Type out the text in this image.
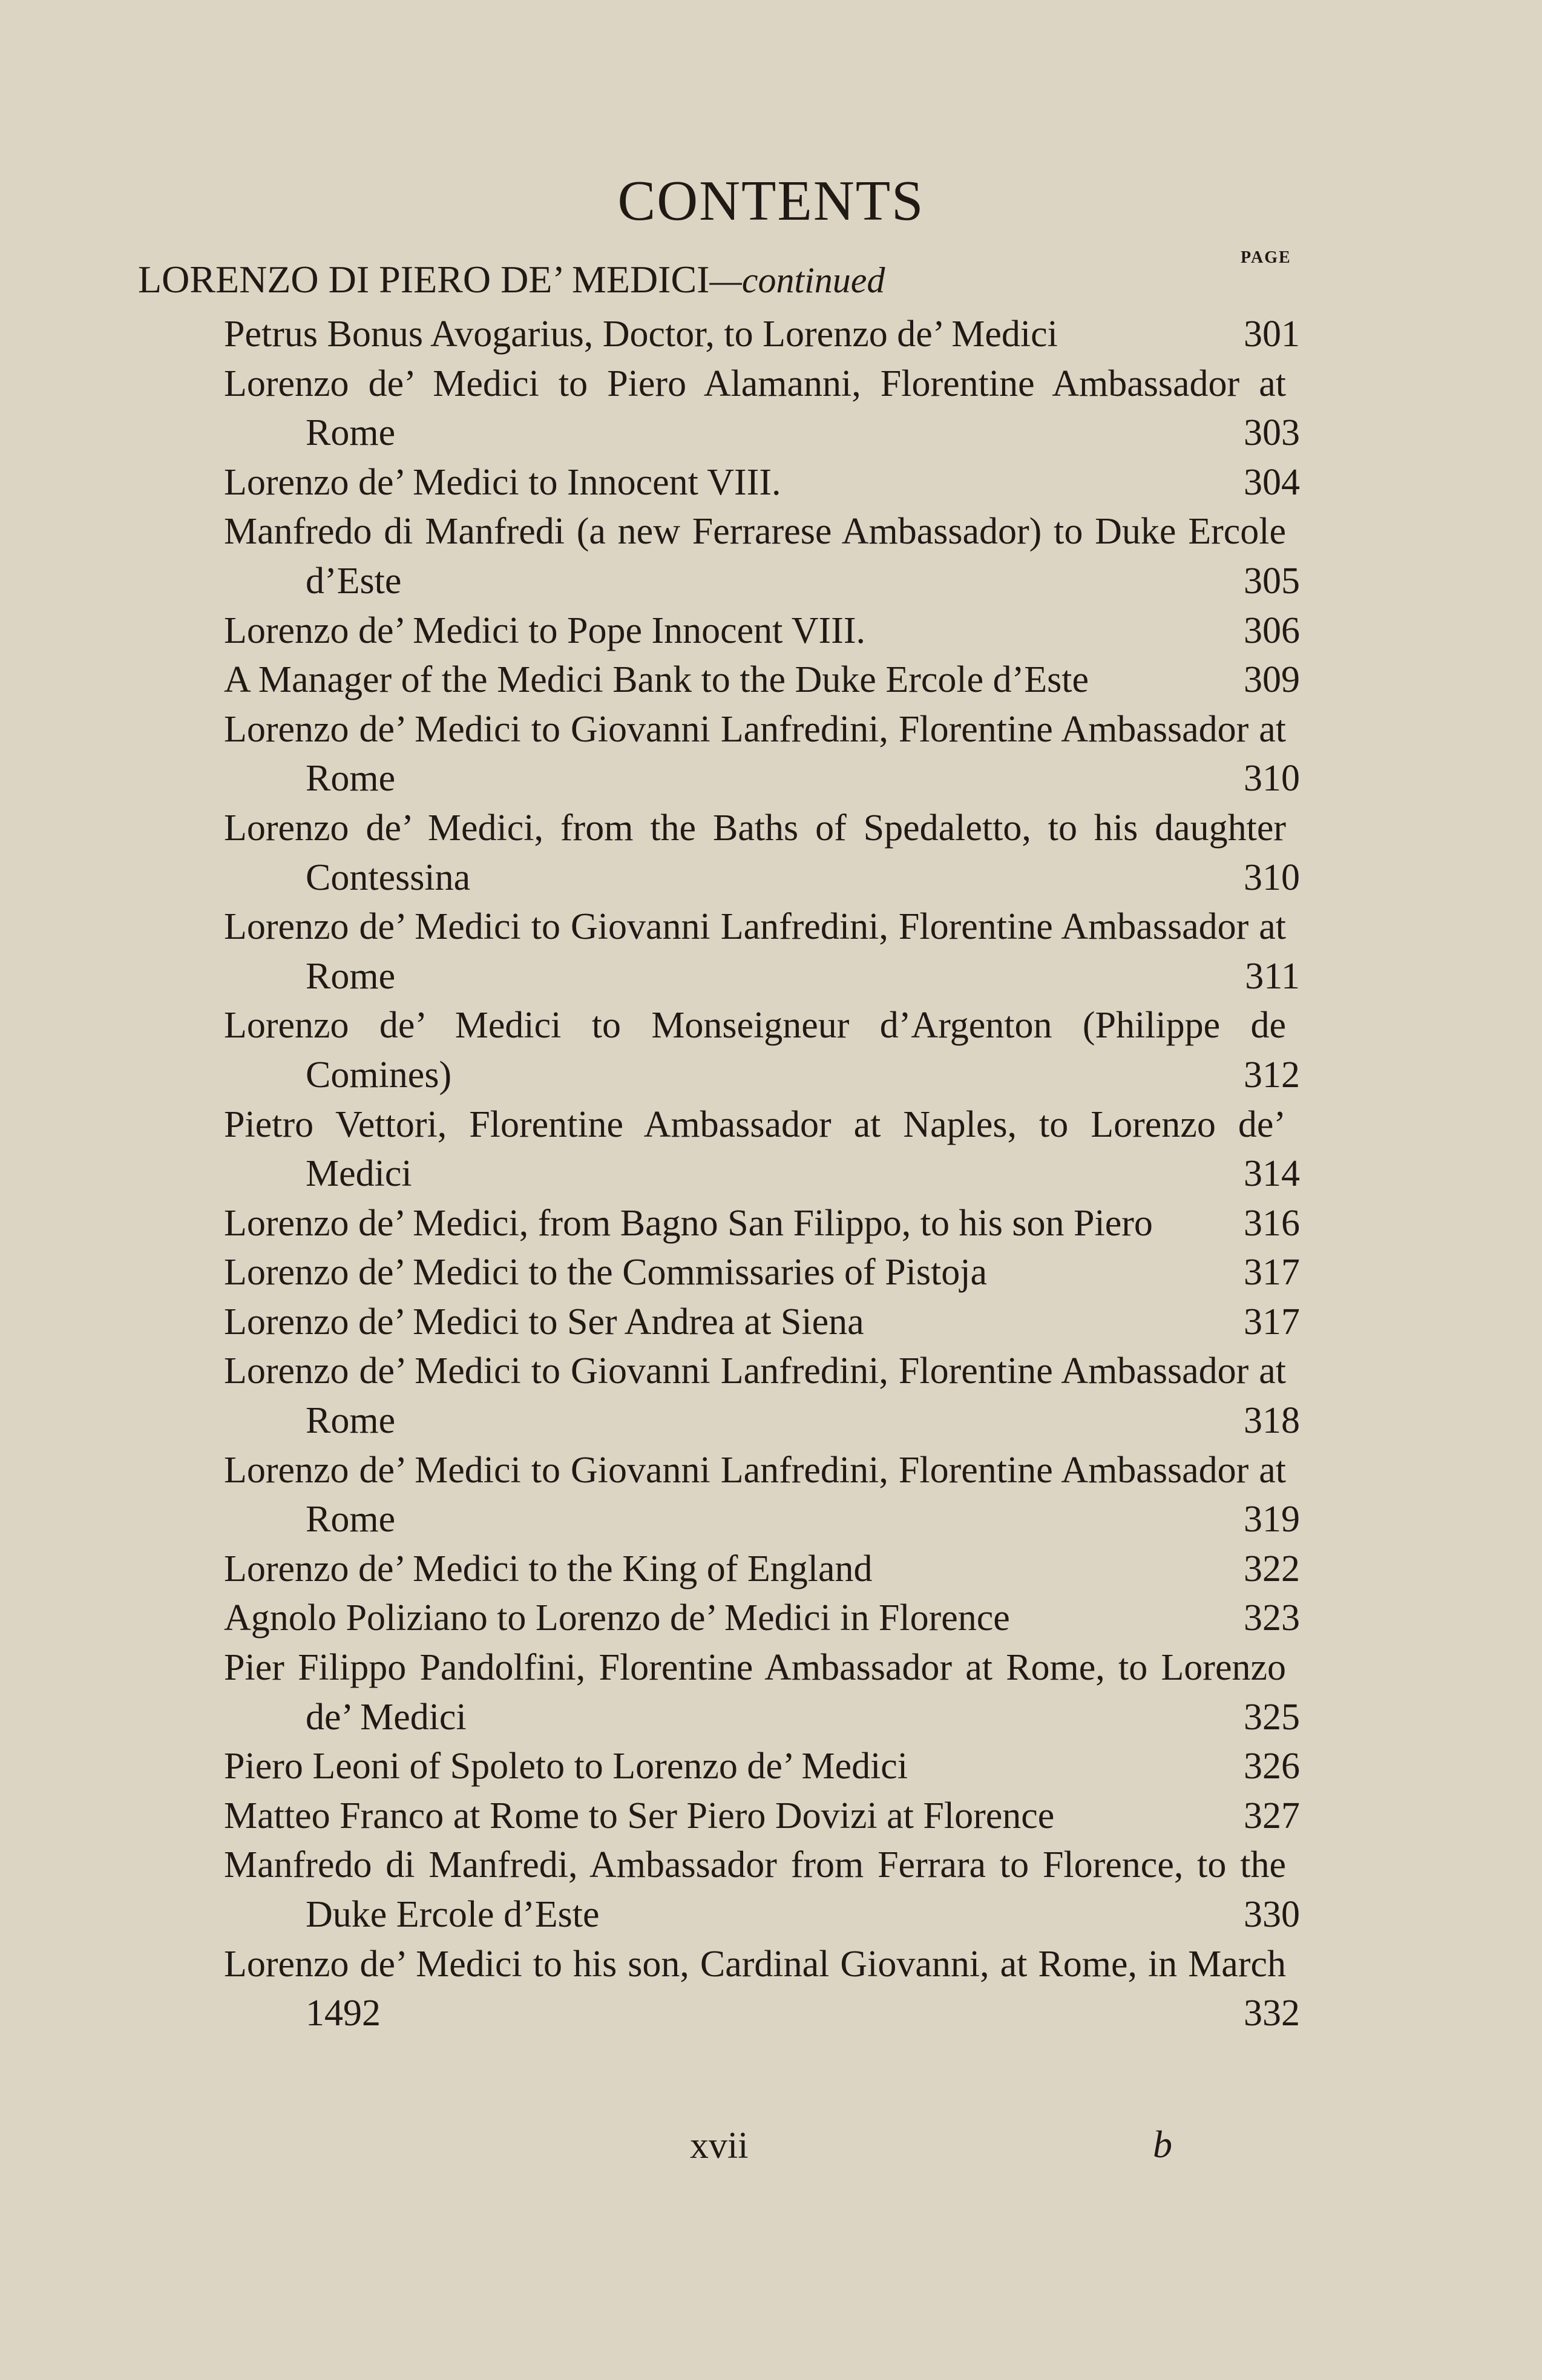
CONTENTS
PAGE
LORENZO DI PIERO DE’ MEDICI—continued
Petrus Bonus Avogarius, Doctor, to Lorenzo de’ Medici	301
Lorenzo de’ Medici to Piero Alamanni, Florentine Ambassador at Rome	303
Lorenzo de’ Medici to Innocent VIII.	304
Manfredo di Manfredi (a new Ferrarese Ambassador) to Duke Ercole d’Este	305
Lorenzo de’ Medici to Pope Innocent VIII.	306
A Manager of the Medici Bank to the Duke Ercole d’Este	309
Lorenzo de’ Medici to Giovanni Lanfredini, Florentine Ambassador at Rome	310
Lorenzo de’ Medici, from the Baths of Spedaletto, to his daughter Contessina	310
Lorenzo de’ Medici to Giovanni Lanfredini, Florentine Ambassador at Rome	311
Lorenzo de’ Medici to Monseigneur d’Argenton (Philippe de Comines)	312
Pietro Vettori, Florentine Ambassador at Naples, to Lorenzo de’ Medici	314
Lorenzo de’ Medici, from Bagno San Filippo, to his son Piero	316
Lorenzo de’ Medici to the Commissaries of Pistoja	317
Lorenzo de’ Medici to Ser Andrea at Siena	317
Lorenzo de’ Medici to Giovanni Lanfredini, Florentine Ambassador at Rome	318
Lorenzo de’ Medici to Giovanni Lanfredini, Florentine Ambassador at Rome	319
Lorenzo de’ Medici to the King of England	322
Agnolo Poliziano to Lorenzo de’ Medici in Florence	323
Pier Filippo Pandolfini, Florentine Ambassador at Rome, to Lorenzo de’ Medici	325
Piero Leoni of Spoleto to Lorenzo de’ Medici	326
Matteo Franco at Rome to Ser Piero Dovizi at Florence	327
Manfredo di Manfredi, Ambassador from Ferrara to Florence, to the Duke Ercole d’Este	330
Lorenzo de’ Medici to his son, Cardinal Giovanni, at Rome, in March 1492	332
xvii	b
